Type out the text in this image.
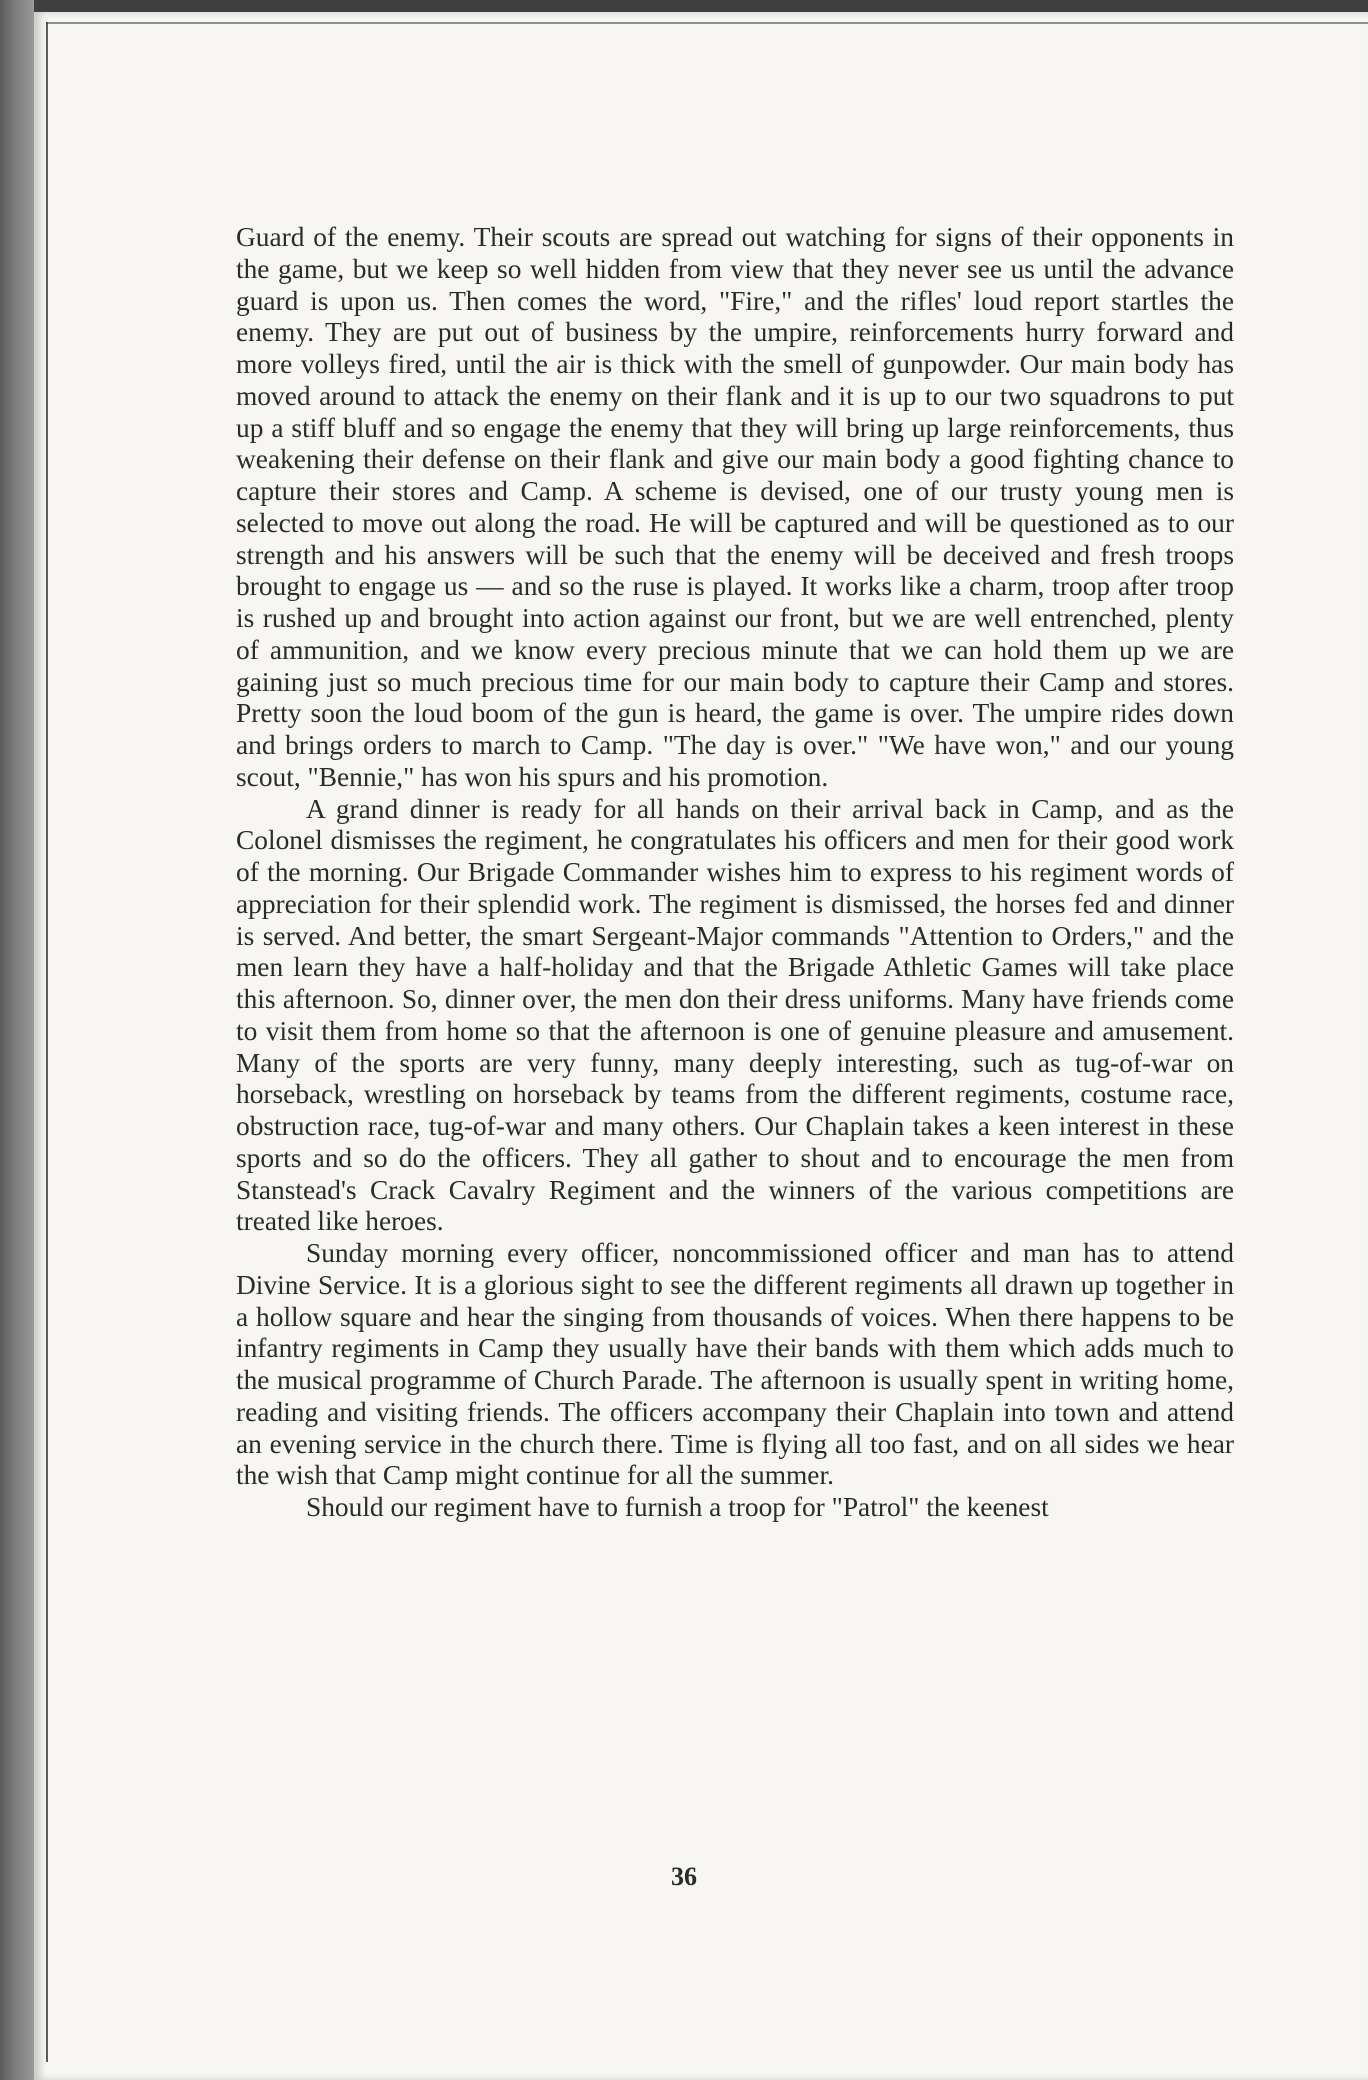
Guard of the enemy. Their scouts are spread out watching for signs of their opponents in the game, but we keep so well hidden from view that they never see us until the advance guard is upon us. Then comes the word, "Fire," and the rifles' loud report startles the enemy. They are put out of business by the umpire, reinforcements hurry forward and more volleys fired, until the air is thick with the smell of gunpowder. Our main body has moved around to attack the enemy on their flank and it is up to our two squadrons to put up a stiff bluff and so engage the enemy that they will bring up large reinforcements, thus weakening their defense on their flank and give our main body a good fighting chance to capture their stores and Camp. A scheme is devised, one of our trusty young men is selected to move out along the road. He will be captured and will be questioned as to our strength and his answers will be such that the enemy will be deceived and fresh troops brought to engage us — and so the ruse is played. It works like a charm, troop after troop is rushed up and brought into action against our front, but we are well entrenched, plenty of ammunition, and we know every precious minute that we can hold them up we are gaining just so much precious time for our main body to capture their Camp and stores. Pretty soon the loud boom of the gun is heard, the game is over. The umpire rides down and brings orders to march to Camp. "The day is over." "We have won," and our young scout, "Bennie," has won his spurs and his promotion.

A grand dinner is ready for all hands on their arrival back in Camp, and as the Colonel dismisses the regiment, he congratulates his officers and men for their good work of the morning. Our Brigade Commander wishes him to express to his regiment words of appreciation for their splendid work. The regiment is dismissed, the horses fed and dinner is served. And better, the smart Sergeant-Major commands "Attention to Orders," and the men learn they have a half-holiday and that the Brigade Athletic Games will take place this afternoon. So, dinner over, the men don their dress uniforms. Many have friends come to visit them from home so that the afternoon is one of genuine pleasure and amusement. Many of the sports are very funny, many deeply interesting, such as tug-of-war on horseback, wrestling on horseback by teams from the different regiments, costume race, obstruction race, tug-of-war and many others. Our Chaplain takes a keen interest in these sports and so do the officers. They all gather to shout and to encourage the men from Stanstead's Crack Cavalry Regiment and the winners of the various competitions are treated like heroes.

Sunday morning every officer, noncommissioned officer and man has to attend Divine Service. It is a glorious sight to see the different regiments all drawn up together in a hollow square and hear the singing from thousands of voices. When there happens to be infantry regiments in Camp they usually have their bands with them which adds much to the musical programme of Church Parade. The afternoon is usually spent in writing home, reading and visiting friends. The officers accompany their Chaplain into town and attend an evening service in the church there. Time is flying all too fast, and on all sides we hear the wish that Camp might continue for all the summer.

Should our regiment have to furnish a troop for "Patrol" the keenest

36
